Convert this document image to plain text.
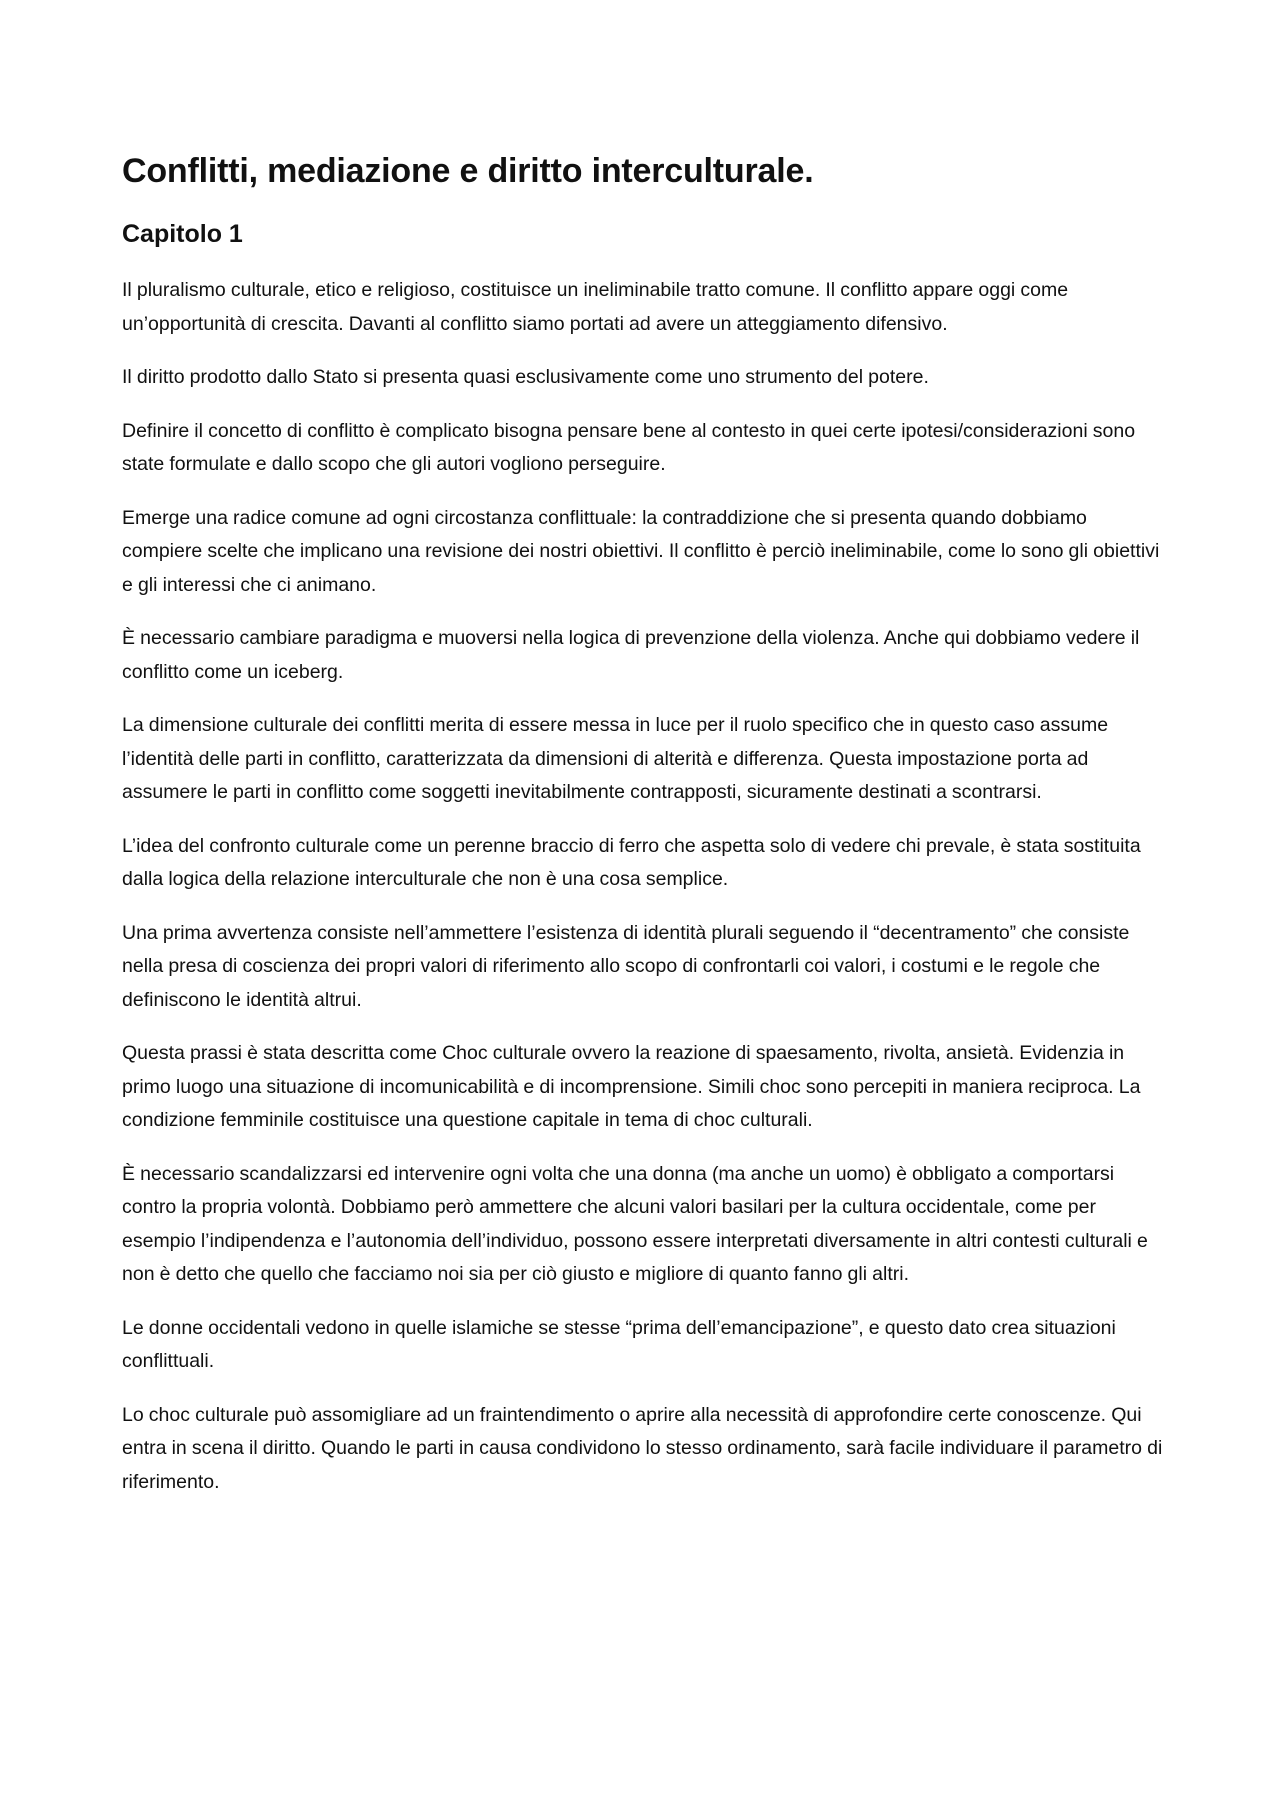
Conflitti, mediazione e diritto interculturale.
Capitolo 1

Il pluralismo culturale, etico e religioso, costituisce un ineliminabile tratto comune. Il conflitto appare oggi come un’opportunità di crescita. Davanti al conflitto siamo portati ad avere un atteggiamento difensivo.

Il diritto prodotto dallo Stato si presenta quasi esclusivamente come uno strumento del potere.

Definire il concetto di conflitto è complicato bisogna pensare bene al contesto in quei certe ipotesi/considerazioni sono state formulate e dallo scopo che gli autori vogliono perseguire.

Emerge una radice comune ad ogni circostanza conflittuale: la contraddizione che si presenta quando dobbiamo compiere scelte che implicano una revisione dei nostri obiettivi. Il conflitto è perciò ineliminabile, come lo sono gli obiettivi e gli interessi che ci animano.

È necessario cambiare paradigma e muoversi nella logica di prevenzione della violenza. Anche qui dobbiamo vedere il conflitto come un iceberg.

La dimensione culturale dei conflitti merita di essere messa in luce per il ruolo specifico che in questo caso assume l’identità delle parti in conflitto, caratterizzata da dimensioni di alterità e differenza. Questa impostazione porta ad assumere le parti in conflitto come soggetti inevitabilmente contrapposti, sicuramente destinati a scontrarsi.

L’idea del confronto culturale come un perenne braccio di ferro che aspetta solo di vedere chi prevale, è stata sostituita dalla logica della relazione interculturale che non è una cosa semplice.

Una prima avvertenza consiste nell’ammettere l’esistenza di identità plurali seguendo il “decentramento” che consiste nella presa di coscienza dei propri valori di riferimento allo scopo di confrontarli coi valori, i costumi e le regole che definiscono le identità altrui.

Questa prassi è stata descritta come Choc culturale ovvero la reazione di spaesamento, rivolta, ansietà. Evidenzia in primo luogo una situazione di incomunicabilità e di incomprensione. Simili choc sono percepiti in maniera reciproca. La condizione femminile costituisce una questione capitale in tema di choc culturali.

È necessario scandalizzarsi ed intervenire ogni volta che una donna (ma anche un uomo) è obbligato a comportarsi contro la propria volontà. Dobbiamo però ammettere che alcuni valori basilari per la cultura occidentale, come per esempio l’indipendenza e l’autonomia dell’individuo, possono essere interpretati diversamente in altri contesti culturali e non è detto che quello che facciamo noi sia per ciò giusto e migliore di quanto fanno gli altri.

Le donne occidentali vedono in quelle islamiche se stesse “prima dell’emancipazione”, e questo dato crea situazioni conflittuali.

Lo choc culturale può assomigliare ad un fraintendimento o aprire alla necessità di approfondire certe conoscenze. Qui entra in scena il diritto. Quando le parti in causa condividono lo stesso ordinamento, sarà facile individuare il parametro di riferimento.
